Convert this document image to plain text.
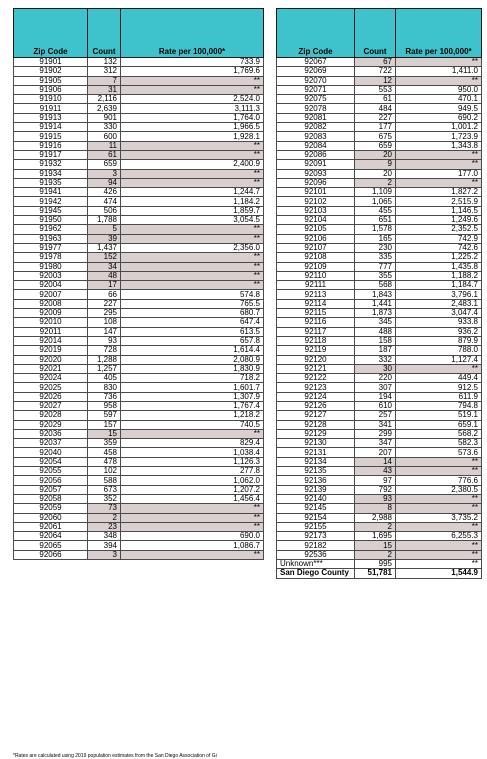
Zip Code	Count	Rate per 100,000*
91901	132	733.9
91902	312	1,769.6
91905	7	**
91906	31	**
91910	2,116	2,524.0
91911	2,639	3,111.3
91913	901	1,764.0
91914	330	1,966.5
91915	600	1,928.1
91916	11	**
91917	61	**
91932	659	2,400.9
91934	3	**
91935	94	**
91941	426	1,244.7
91942	474	1,184.2
91945	506	1,859.7
91950	1,788	3,054.5
91962	5	**
91963	39	**
91977	1,437	2,356.0
91978	152	**
91980	34	**
92003	48	**
92004	17	**
92007	66	574.8
92008	227	765.5
92009	295	680.7
92010	108	647.4
92011	147	613.5
92014	93	657.8
92019	728	1,614.4
92020	1,288	2,080.9
92021	1,257	1,830.9
92024	405	718.2
92025	830	1,601.7
92026	736	1,307.9
92027	958	1,767.4
92028	597	1,218.2
92029	157	740.5
92036	15	**
92037	359	829.4
92040	458	1,038.4
92054	478	1,126.3
92055	102	277.8
92056	588	1,062.0
92057	673	1,207.2
92058	352	1,456.4
92059	73	**
92060	2	**
92061	23	**
92064	348	690.0
92065	394	1,086.7
92066	3	**
Zip Code	Count	Rate per 100,000*
92067	67	**
92069	722	1,411.0
92070	12	**
92071	553	950.0
92075	61	470.1
92078	484	949.5
92081	227	690.2
92082	177	1,001.2
92083	675	1,723.9
92084	659	1,343.8
92086	20	**
92091	9	**
92093	20	177.0
92096	2	**
92101	1,109	1,827.2
92102	1,065	2,515.9
92103	455	1,146.5
92104	651	1,249.6
92105	1,578	2,352.5
92106	165	742.9
92107	230	742.6
92108	335	1,225.2
92109	777	1,435.8
92110	355	1,188.2
92111	568	1,184.7
92113	1,843	3,796.1
92114	1,441	2,483.1
92115	1,873	3,047.4
92116	345	933.8
92117	488	936.2
92118	158	879.9
92119	187	788.0
92120	332	1,127.4
92121	30	**
92122	220	449.4
92123	307	912.5
92124	194	611.9
92126	610	794.8
92127	257	519.1
92128	341	659.1
92129	299	568.2
92130	347	582.3
92131	207	573.6
92134	14	**
92135	43	**
92136	97	776.6
92139	792	2,380.5
92140	93	**
92145	8	**
92154	2,988	3,735.2
92155	2	**
92173	1,695	6,255.3
92182	15	**
92536	2	**
Unknown***	995	**
San Diego County	51,781	1,544.9
*Rates are calculated using 2019 population estimates from the San Diego Association of Gi
